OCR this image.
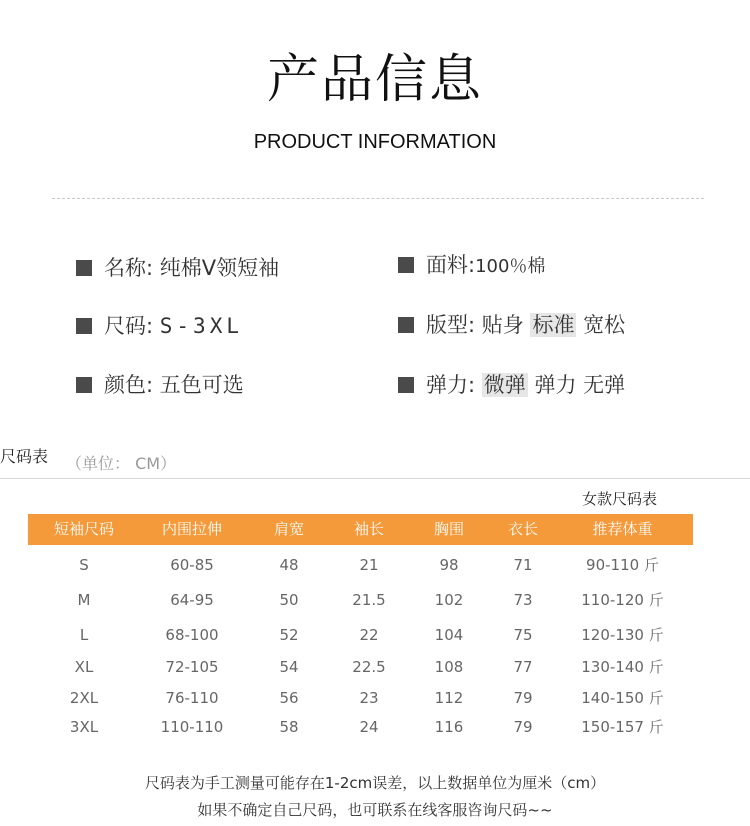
产品信息
PRODUCT INFORMATION
名称: 纯棉V领短袖	面料:100％棉
尺码: S-3XL	版型: 贴身 标准 宽松
颜色: 五色可选	弹力: 微弹 弹力 无弹
尺码表 （单位： CM）
女款尺码表
短袖尺码	内围拉伸	肩宽	袖长	胸围	衣长	推荐体重
S	60-85	48	21	98	71	90-110 斤
M	64-95	50	21.5	102	73	110-120 斤
L	68-100	52	22	104	75	120-130 斤
XL	72-105	54	22.5	108	77	130-140 斤
2XL	76-110	56	23	112	79	140-150 斤
3XL	110-110	58	24	116	79	150-157 斤
尺码表为手工测量可能存在1-2cm误差，以上数据单位为厘米（cm）
如果不确定自己尺码，也可联系在线客服咨询尺码~~
